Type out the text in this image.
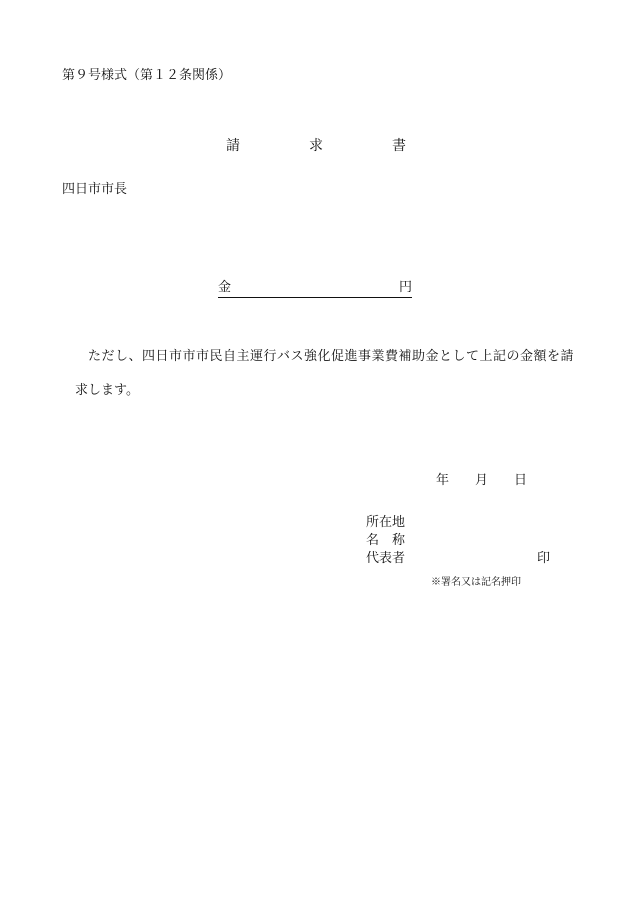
第９号様式（第１２条関係）
請	求	書
四日市市長
金	円
ただし、四日市市市民自主運行バス強化促進事業費補助金として上記の金額を請
求します。
年 月 日
所在地
名　称
代表者	印
※署名又は記名押印
